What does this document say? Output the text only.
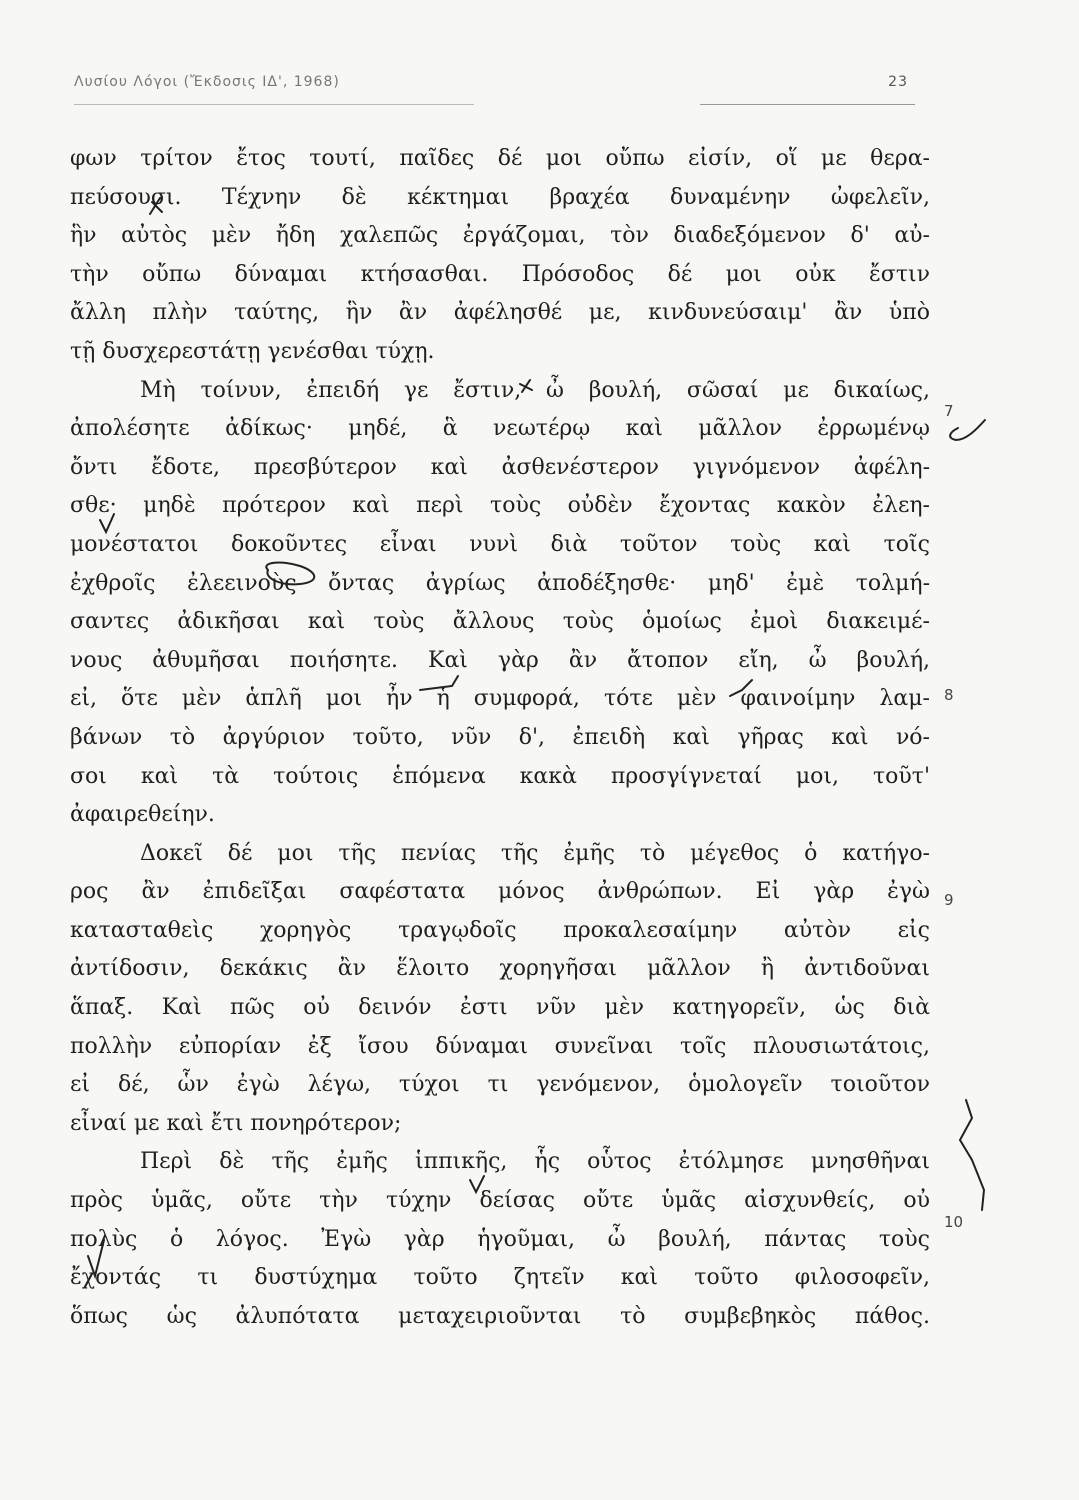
Λυσίου Λόγοι (Ἔκδοσις ΙΔ', 1968)	23
φων τρίτον ἔτος τουτί, παῖδες δέ μοι οὔπω εἰσίν, οἵ με θερα-
πεύσουσι. Τέχνην δὲ κέκτημαι βραχέα δυναμένην ὠφελεῖν,
ἣν αὐτὸς μὲν ἤδη χαλεπῶς ἐργάζομαι, τὸν διαδεξόμενον δ' αὐ-
τὴν οὔπω δύναμαι κτήσασθαι. Πρόσοδος δέ μοι οὐκ ἔστιν
ἄλλη πλὴν ταύτης, ἣν ἂν ἀφέλησθέ με, κινδυνεύσαιμ' ἂν ὑπὸ
τῇ δυσχερεστάτῃ γενέσθαι τύχῃ.
Μὴ τοίνυν, ἐπειδή γε ἔστιν, ὦ βουλή, σῶσαί με δικαίως,
ἀπολέσητε ἀδίκως· μηδέ, ἃ νεωτέρῳ καὶ μᾶλλον ἐρρωμένῳ
ὄντι ἔδοτε, πρεσβύτερον καὶ ἀσθενέστερον γιγνόμενον ἀφέλη-
σθε· μηδὲ πρότερον καὶ περὶ τοὺς οὐδὲν ἔχοντας κακὸν ἐλεη-
μονέστατοι δοκοῦντες εἶναι νυνὶ διὰ τοῦτον τοὺς καὶ τοῖς
ἐχθροῖς ἐλεεινοὺς ὄντας ἀγρίως ἀποδέξησθε· μηδ' ἐμὲ τολμή-
σαντες ἀδικῆσαι καὶ τοὺς ἄλλους τοὺς ὁμοίως ἐμοὶ διακειμέ-
νους ἀθυμῆσαι ποιήσητε. Καὶ γὰρ ἂν ἄτοπον εἴη, ὦ βουλή,
εἰ, ὅτε μὲν ἁπλῆ μοι ἦν ἡ συμφορά, τότε μὲν φαινοίμην λαμ-
βάνων τὸ ἀργύριον τοῦτο, νῦν δ', ἐπειδὴ καὶ γῆρας καὶ νό-
σοι καὶ τὰ τούτοις ἑπόμενα κακὰ προσγίγνεταί μοι, τοῦτ'
ἀφαιρεθείην.
Δοκεῖ δέ μοι τῆς πενίας τῆς ἐμῆς τὸ μέγεθος ὁ κατήγο-
ρος ἂν ἐπιδεῖξαι σαφέστατα μόνος ἀνθρώπων. Εἰ γὰρ ἐγὼ
κατασταθεὶς χορηγὸς τραγῳδοῖς προκαλεσαίμην αὐτὸν εἰς
ἀντίδοσιν, δεκάκις ἂν ἕλοιτο χορηγῆσαι μᾶλλον ἢ ἀντιδοῦναι
ἅπαξ. Καὶ πῶς οὐ δεινόν ἐστι νῦν μὲν κατηγορεῖν, ὡς διὰ
πολλὴν εὐπορίαν ἐξ ἴσου δύναμαι συνεῖναι τοῖς πλουσιωτάτοις,
εἰ δέ, ὧν ἐγὼ λέγω, τύχοι τι γενόμενον, ὁμολογεῖν τοιοῦτον
εἶναί με καὶ ἔτι πονηρότερον;
Περὶ δὲ τῆς ἐμῆς ἱππικῆς, ἧς οὗτος ἐτόλμησε μνησθῆναι
πρὸς ὑμᾶς, οὔτε τὴν τύχην δείσας οὔτε ὑμᾶς αἰσχυνθείς, οὐ
πολὺς ὁ λόγος. Ἐγὼ γὰρ ἡγοῦμαι, ὦ βουλή, πάντας τοὺς
ἔχοντάς τι δυστύχημα τοῦτο ζητεῖν καὶ τοῦτο φιλοσοφεῖν,
ὅπως ὡς ἀλυπότατα μεταχειριοῦνται τὸ συμβεβηκὸς πάθος.
7
8
9
10
